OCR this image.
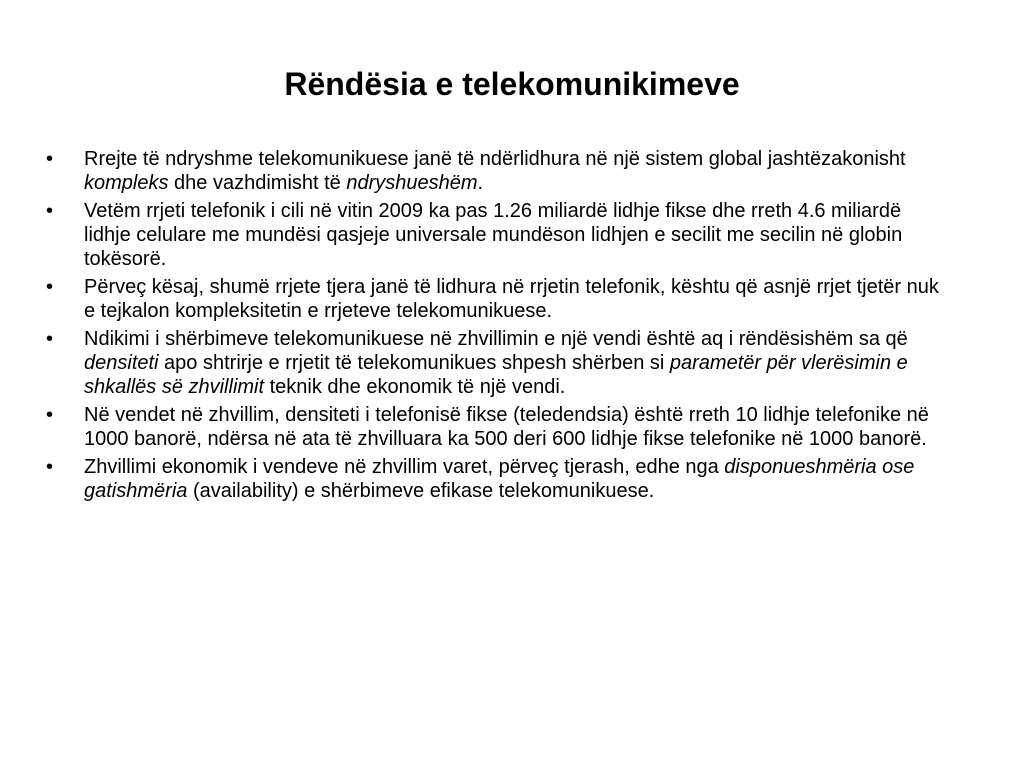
Rëndësia e telekomunikimeve
•	Rrejte të ndryshme telekomunikuese janë të ndërlidhura në një sistem global jashtëzakonisht kompleks dhe vazhdimisht të ndryshueshëm.
•	Vetëm rrjeti telefonik i cili në vitin 2009 ka pas 1.26 miliardë lidhje fikse dhe rreth 4.6 miliardë lidhje celulare me mundësi qasjeje universale mundëson lidhjen e secilit me secilin në globin tokësorë.
•	Përveç kësaj, shumë rrjete tjera janë të lidhura në rrjetin telefonik, kështu që asnjë rrjet tjetër nuk e tejkalon kompleksitetin e rrjeteve telekomunikuese.
•	Ndikimi i shërbimeve telekomunikuese në zhvillimin e një vendi është aq i rëndësishëm sa që densiteti apo shtrirje e rrjetit të telekomunikues shpesh shërben si parametër për vlerësimin e shkallës së zhvillimit teknik dhe ekonomik të një vendi.
•	Në vendet në zhvillim, densiteti i telefonisë fikse (teledendsia) është rreth 10 lidhje telefonike në 1000 banorë, ndërsa në ata të zhvilluara ka 500 deri 600 lidhje fikse telefonike në 1000 banorë.
•	Zhvillimi ekonomik i vendeve në zhvillim varet, përveç tjerash, edhe nga disponueshmëria ose gatishmëria (availability) e shërbimeve efikase telekomunikuese.
